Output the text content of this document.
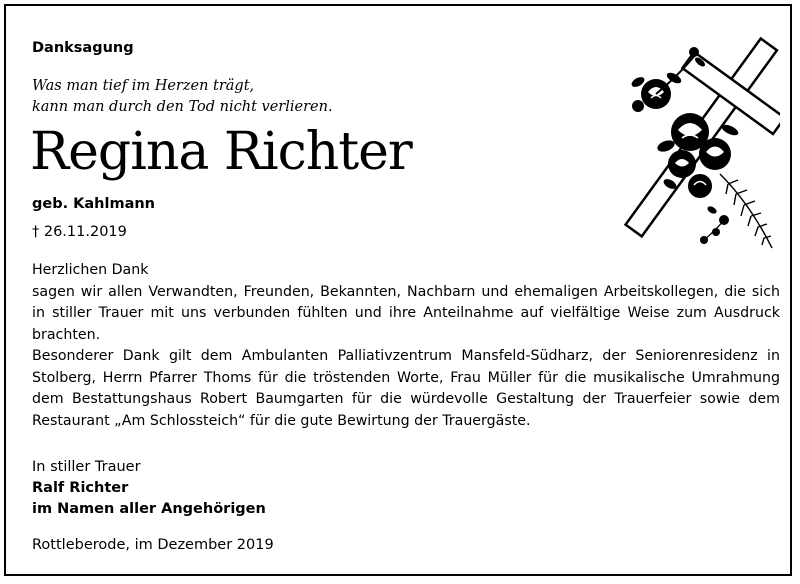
Danksagung
Was man tief im Herzen trägt,
kann man durch den Tod nicht verlieren.
Regina Richter
geb. Kahlmann
† 26.11.2019

Herzlichen Dank

sagen wir allen Verwandten, Freunden, Bekannten, Nachbarn und ehemaligen Arbeitskollegen, die sich in stiller Trauer mit uns verbunden fühlten und ihre Anteilnahme auf vielfältige Weise zum Ausdruck brachten.

Besonderer Dank gilt dem Ambulanten Palliativzentrum Mansfeld-Südharz, der Seniorenresidenz in Stolberg, Herrn Pfarrer Thoms für die tröstenden Worte, Frau Müller für die musikalische Umrahmung dem Bestattungshaus Robert Baumgarten für die würdevolle Gestaltung der Trauerfeier sowie dem Restaurant „Am Schlossteich“ für die gute Bewirtung der Trauergäste.

In stiller Trauer
Ralf Richter
im Namen aller Angehörigen
Rottleberode, im Dezember 2019
